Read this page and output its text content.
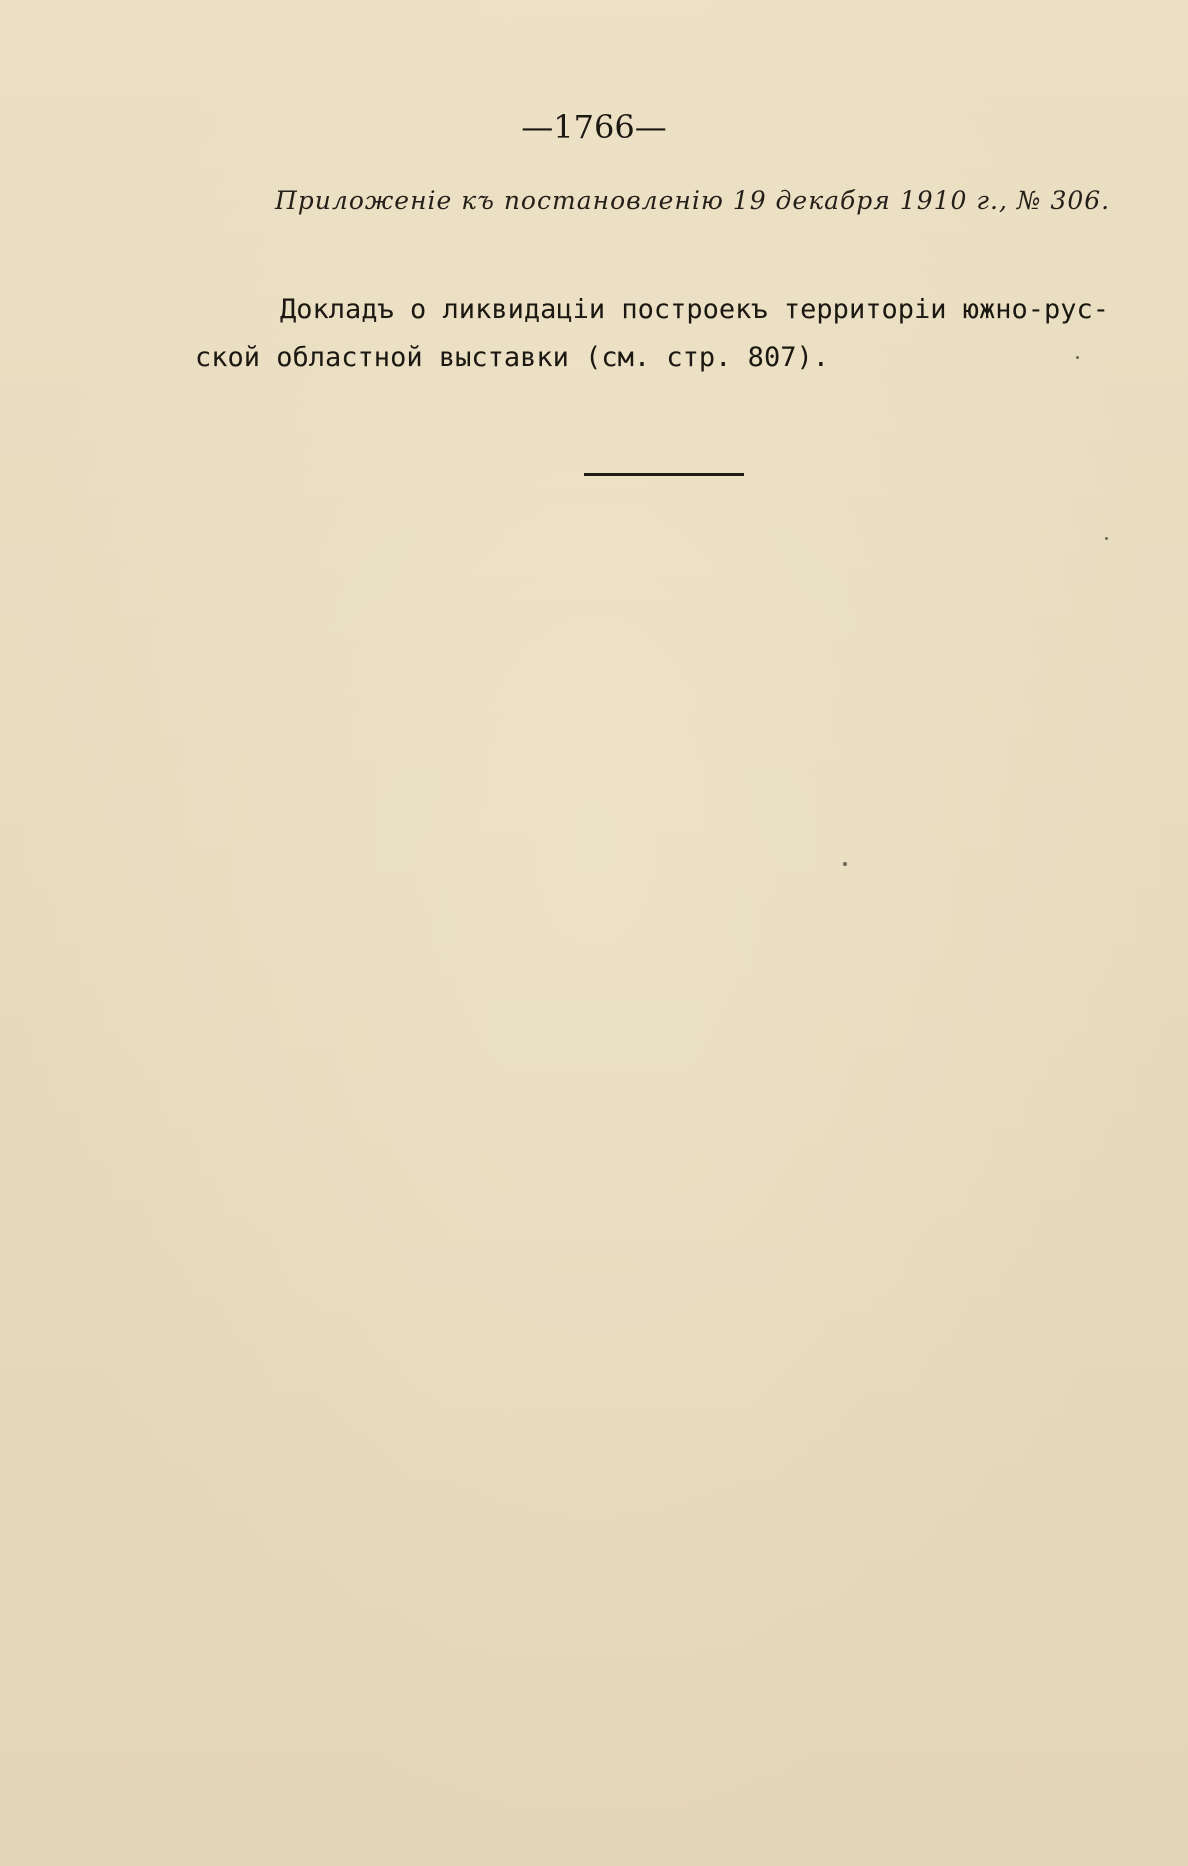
—1766—
Приложеніе къ постановленію 19 декабря 1910 г., № 306.
Докладъ о ликвидаціи построекъ территоріи южно-рус-
ской областной выставки (см. стр. 807).
